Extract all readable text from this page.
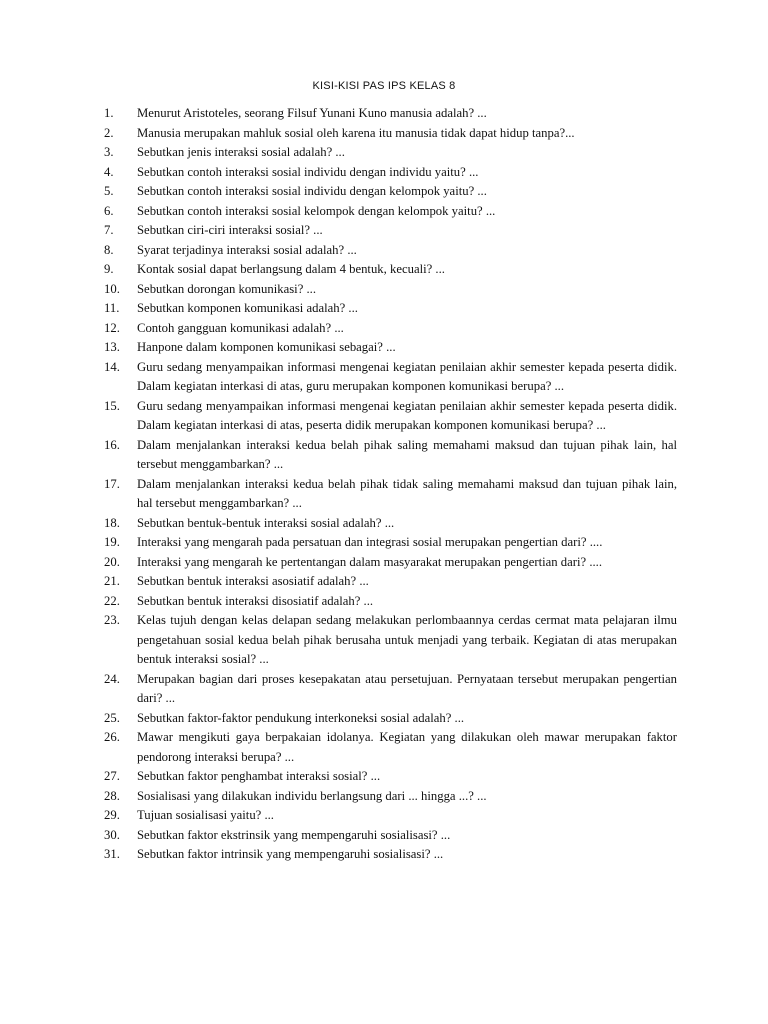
KISI-KISI PAS IPS KELAS 8
1.	Menurut Aristoteles, seorang Filsuf Yunani Kuno manusia adalah? ...
2.	Manusia merupakan mahluk sosial oleh karena itu manusia tidak dapat hidup tanpa?...
3.	Sebutkan jenis interaksi sosial adalah? ...
4.	Sebutkan contoh interaksi sosial individu dengan individu yaitu? ...
5.	Sebutkan contoh interaksi sosial individu dengan kelompok yaitu? ...
6.	Sebutkan contoh interaksi sosial kelompok dengan kelompok yaitu? ...
7.	Sebutkan ciri-ciri interaksi sosial? ...
8.	Syarat terjadinya interaksi sosial adalah? ...
9.	Kontak sosial dapat berlangsung dalam 4 bentuk, kecuali? ...
10.	Sebutkan dorongan komunikasi? ...
11.	Sebutkan komponen komunikasi adalah? ...
12.	Contoh gangguan komunikasi adalah? ...
13.	Hanpone dalam komponen komunikasi sebagai? ...
14.	Guru sedang menyampaikan informasi mengenai kegiatan penilaian akhir semester kepada peserta didik. Dalam kegiatan interkasi di atas, guru merupakan komponen komunikasi berupa? ...
15.	Guru sedang menyampaikan informasi mengenai kegiatan penilaian akhir semester kepada peserta didik. Dalam kegiatan interkasi di atas, peserta didik merupakan komponen komunikasi berupa? ...
16.	Dalam menjalankan interaksi kedua belah pihak saling memahami maksud dan tujuan pihak lain, hal tersebut menggambarkan? ...
17.	Dalam menjalankan interaksi kedua belah pihak tidak saling memahami maksud dan tujuan pihak lain, hal tersebut menggambarkan? ...
18.	Sebutkan bentuk-bentuk interaksi sosial adalah? ...
19.	Interaksi yang mengarah pada persatuan dan integrasi sosial merupakan pengertian dari? ....
20.	Interaksi yang mengarah ke pertentangan dalam masyarakat merupakan pengertian dari? ....
21.	Sebutkan bentuk interaksi asosiatif adalah? ...
22.	Sebutkan bentuk interaksi disosiatif adalah? ...
23.	Kelas tujuh dengan kelas delapan sedang melakukan perlombaannya cerdas cermat mata pelajaran ilmu pengetahuan sosial kedua belah pihak berusaha untuk menjadi yang terbaik. Kegiatan di atas merupakan bentuk interaksi sosial? ...
24.	Merupakan bagian dari proses kesepakatan atau persetujuan. Pernyataan tersebut merupakan pengertian dari? ...
25.	Sebutkan faktor-faktor pendukung interkoneksi sosial adalah? ...
26.	Mawar mengikuti gaya berpakaian idolanya. Kegiatan yang dilakukan oleh mawar merupakan faktor pendorong interaksi berupa? ...
27.	Sebutkan faktor penghambat interaksi sosial? ...
28.	Sosialisasi yang dilakukan individu berlangsung dari ... hingga ...? ...
29.	Tujuan sosialisasi yaitu? ...
30.	Sebutkan faktor ekstrinsik yang mempengaruhi sosialisasi? ...
31.	Sebutkan faktor intrinsik yang mempengaruhi sosialisasi? ...
